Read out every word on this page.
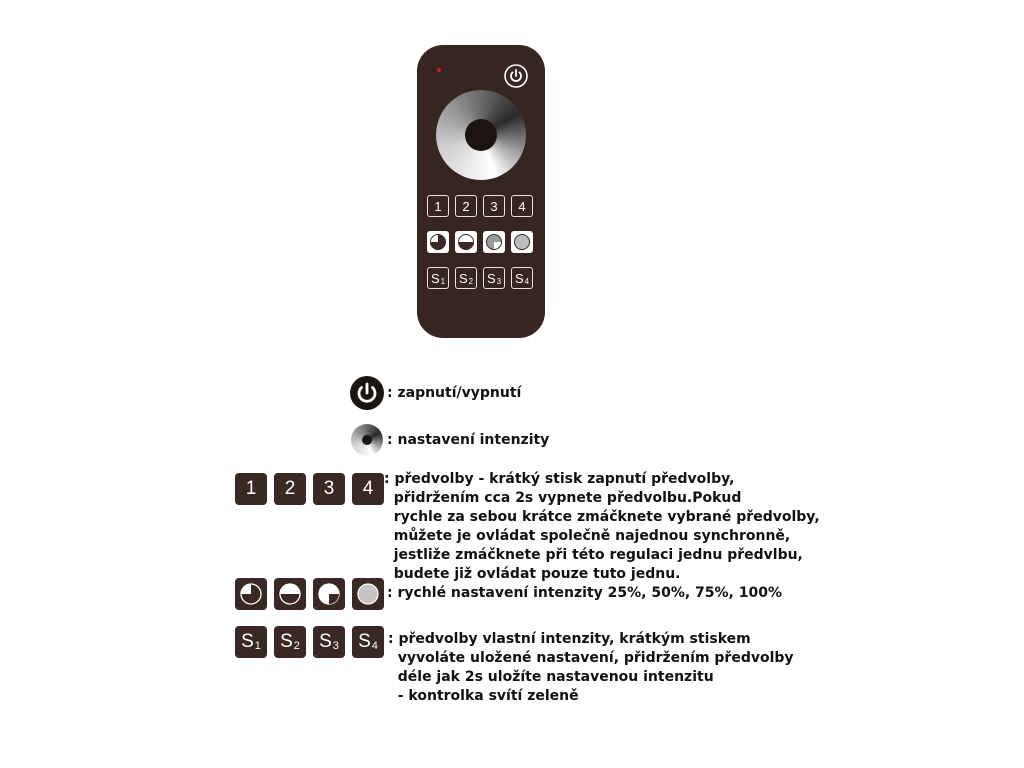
1 2 3 4
S 1 S 2 S 3 S 4

: zapnutí/vypnutí

: nastavení intenzity

1 2 3 4 : předvolby - krátký stisk zapnutí předvolby,

přidržením cca 2s vypnete předvolbu.Pokud

rychle za sebou krátce zmáčknete vybrané předvolby,

můžete je ovládat společně najednou synchronně,

jestliže zmáčknete při této regulaci jednu předvlbu,

budete již ovládat pouze tuto jednu.

: rychlé nastavení intenzity 25%, 50%, 75%, 100%

S 1 S 2 S 3 S 4 : předvolby vlastní intenzity, krátkým stiskem

vyvoláte uložené nastavení, přidržením předvolby

déle jak 2s uložíte nastavenou intenzitu

- kontrolka svítí zeleně
